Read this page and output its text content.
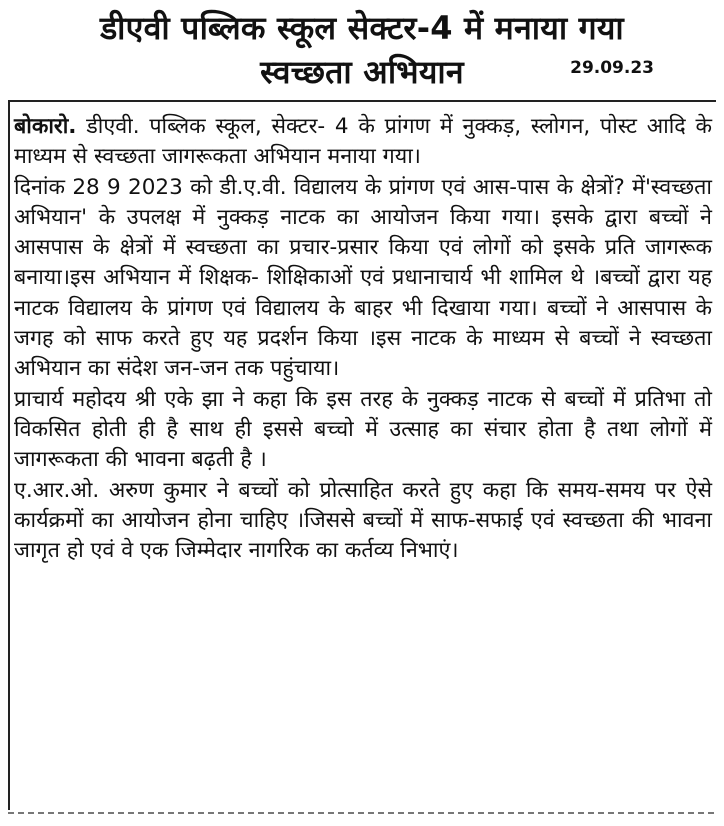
डीएवी पब्लिक स्कूल सेक्टर-4 में मनाया गया
स्वच्छता अभियान	29.09.23

बोकारो. डीएवी. पब्लिक स्कूल, सेक्टर- 4 के प्रांगण में नुक्कड़, स्लोगन, पोस्ट आदि के माध्यम से स्वच्छता जागरूकता अभियान मनाया गया।

दिनांक 28 9 2023 को डी.ए.वी. विद्यालय के प्रांगण एवं आस-पास के क्षेत्रों? में'स्वच्छता अभियान' के उपलक्ष में नुक्कड़ नाटक का आयोजन किया गया। इसके द्वारा बच्चों ने आसपास के क्षेत्रों में स्वच्छता का प्रचार-प्रसार किया एवं लोगों को इसके प्रति जागरूक बनाया।इस अभियान में शिक्षक- शिक्षिकाओं एवं प्रधानाचार्य भी शामिल थे ।बच्चों द्वारा यह नाटक विद्यालय के प्रांगण एवं विद्यालय के बाहर भी दिखाया गया। बच्चों ने आसपास के जगह को साफ करते हुए यह प्रदर्शन किया ।इस नाटक के माध्यम से बच्चों ने स्वच्छता अभियान का संदेश जन-जन तक पहुंचाया।

प्राचार्य महोदय श्री एके झा ने कहा कि इस तरह के नुक्कड़ नाटक से बच्चों में प्रतिभा तो विकसित होती ही है साथ ही इससे बच्चो में उत्साह का संचार होता है तथा लोगों में जागरूकता की भावना बढ़ती है ।

ए.आर.ओ. अरुण कुमार ने बच्चों को प्रोत्साहित करते हुए कहा कि समय-समय पर ऐसे कार्यक्रमों का आयोजन होना चाहिए ।जिससे बच्चों में साफ-सफाई एवं स्वच्छता की भावना जागृत हो एवं वे एक जिम्मेदार नागरिक का कर्तव्य निभाएं।
